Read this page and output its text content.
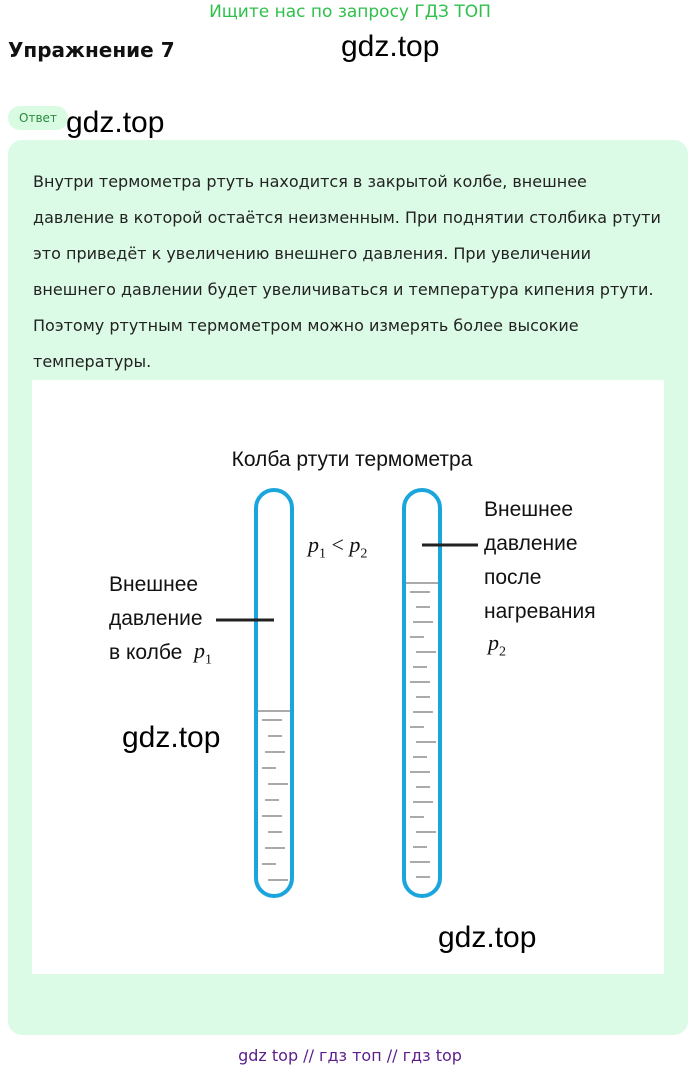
Ищите нас по запросу ГДЗ ТОП
Упражнение 7	gdz.top
Ответ gdz.top
Внутри термометра ртуть находится в закрытой колбе, внешнее давление в которой остаётся неизменным. При поднятии столбика ртути это приведёт к увеличению внешнего давления. При увеличении внешнего давлении будет увеличиваться и температура кипения ртути. Поэтому ртутным термометром можно измерять более высокие температуры.
Колба ртути термометра
$p_1 < p_2$
Внешнее
давление
в колбе $p_1$
Внешнее
давление
после
нагревания
$p_2$
gdz.top
gdz.top
gdz top // гдз топ // гдз top
